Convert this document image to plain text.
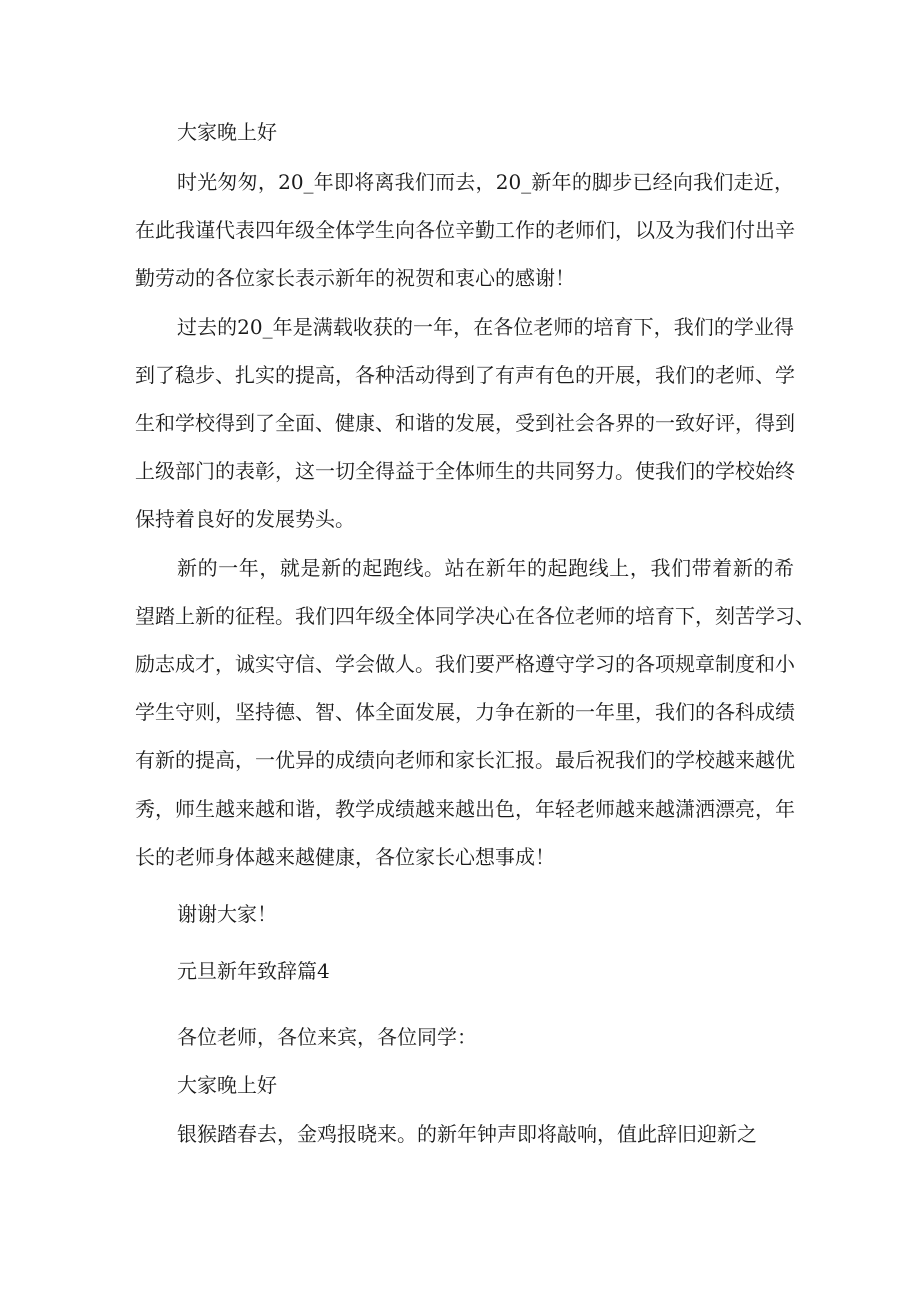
大家晚上好

时光匆匆，20_年即将离我们而去，20_新年的脚步已经向我们走近，

在此我谨代表四年级全体学生向各位辛勤工作的老师们，以及为我们付出辛

勤劳动的各位家长表示新年的祝贺和衷心的感谢！

过去的20_年是满载收获的一年，在各位老师的培育下，我们的学业得

到了稳步、扎实的提高，各种活动得到了有声有色的开展，我们的老师、学

生和学校得到了全面、健康、和谐的发展，受到社会各界的一致好评，得到

上级部门的表彰，这一切全得益于全体师生的共同努力。使我们的学校始终

保持着良好的发展势头。

新的一年，就是新的起跑线。站在新年的起跑线上，我们带着新的希

望踏上新的征程。我们四年级全体同学决心在各位老师的培育下，刻苦学习、

励志成才，诚实守信、学会做人。我们要严格遵守学习的各项规章制度和小

学生守则，坚持德、智、体全面发展，力争在新的一年里，我们的各科成绩

有新的提高，一优异的成绩向老师和家长汇报。最后祝我们的学校越来越优

秀，师生越来越和谐，教学成绩越来越出色，年轻老师越来越潇洒漂亮，年

长的老师身体越来越健康，各位家长心想事成！

谢谢大家！

元旦新年致辞篇4

各位老师，各位来宾，各位同学：

大家晚上好

银猴踏春去，金鸡报晓来。的新年钟声即将敲响，值此辞旧迎新之
